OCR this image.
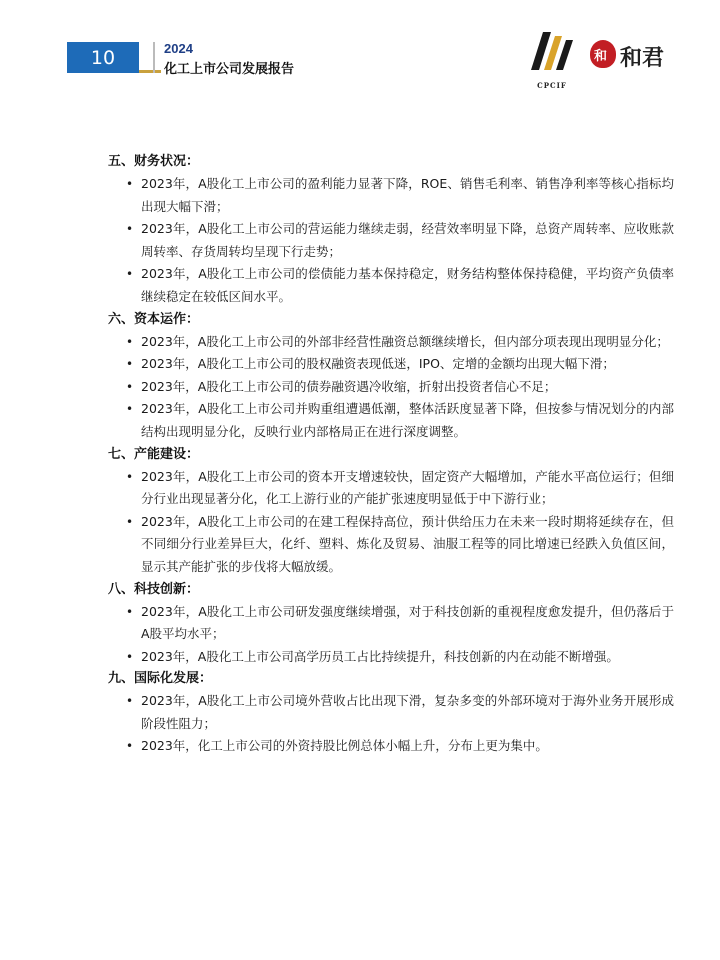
10	2024
化工上市公司发展报告
CPCIF
和 和君

五、财务状况：

• 2023年，A股化工上市公司的盈利能力显著下降，ROE、销售毛利率、销售净利率等核心指标均出现大幅下滑；
• 2023年，A股化工上市公司的营运能力继续走弱，经营效率明显下降，总资产周转率、应收账款周转率、存货周转均呈现下行走势；
• 2023年，A股化工上市公司的偿债能力基本保持稳定，财务结构整体保持稳健，平均资产负债率继续稳定在较低区间水平。

六、资本运作：

• 2023年，A股化工上市公司的外部非经营性融资总额继续增长，但内部分项表现出现明显分化；
• 2023年，A股化工上市公司的股权融资表现低迷，IPO、定增的金额均出现大幅下滑；
• 2023年，A股化工上市公司的债券融资遇冷收缩，折射出投资者信心不足；
• 2023年，A股化工上市公司并购重组遭遇低潮，整体活跃度显著下降，但按参与情况划分的内部结构出现明显分化，反映行业内部格局正在进行深度调整。

七、产能建设：

• 2023年，A股化工上市公司的资本开支增速较快，固定资产大幅增加，产能水平高位运行；但细分行业出现显著分化，化工上游行业的产能扩张速度明显低于中下游行业；
• 2023年，A股化工上市公司的在建工程保持高位，预计供给压力在未来一段时期将延续存在，但不同细分行业差异巨大，化纤、塑料、炼化及贸易、油服工程等的同比增速已经跌入负值区间，显示其产能扩张的步伐将大幅放缓。

八、科技创新：

• 2023年，A股化工上市公司研发强度继续增强，对于科技创新的重视程度愈发提升，但仍落后于A股平均水平；
• 2023年，A股化工上市公司高学历员工占比持续提升，科技创新的内在动能不断增强。

九、国际化发展：

• 2023年，A股化工上市公司境外营收占比出现下滑，复杂多变的外部环境对于海外业务开展形成阶段性阻力；
• 2023年，化工上市公司的外资持股比例总体小幅上升，分布上更为集中。
